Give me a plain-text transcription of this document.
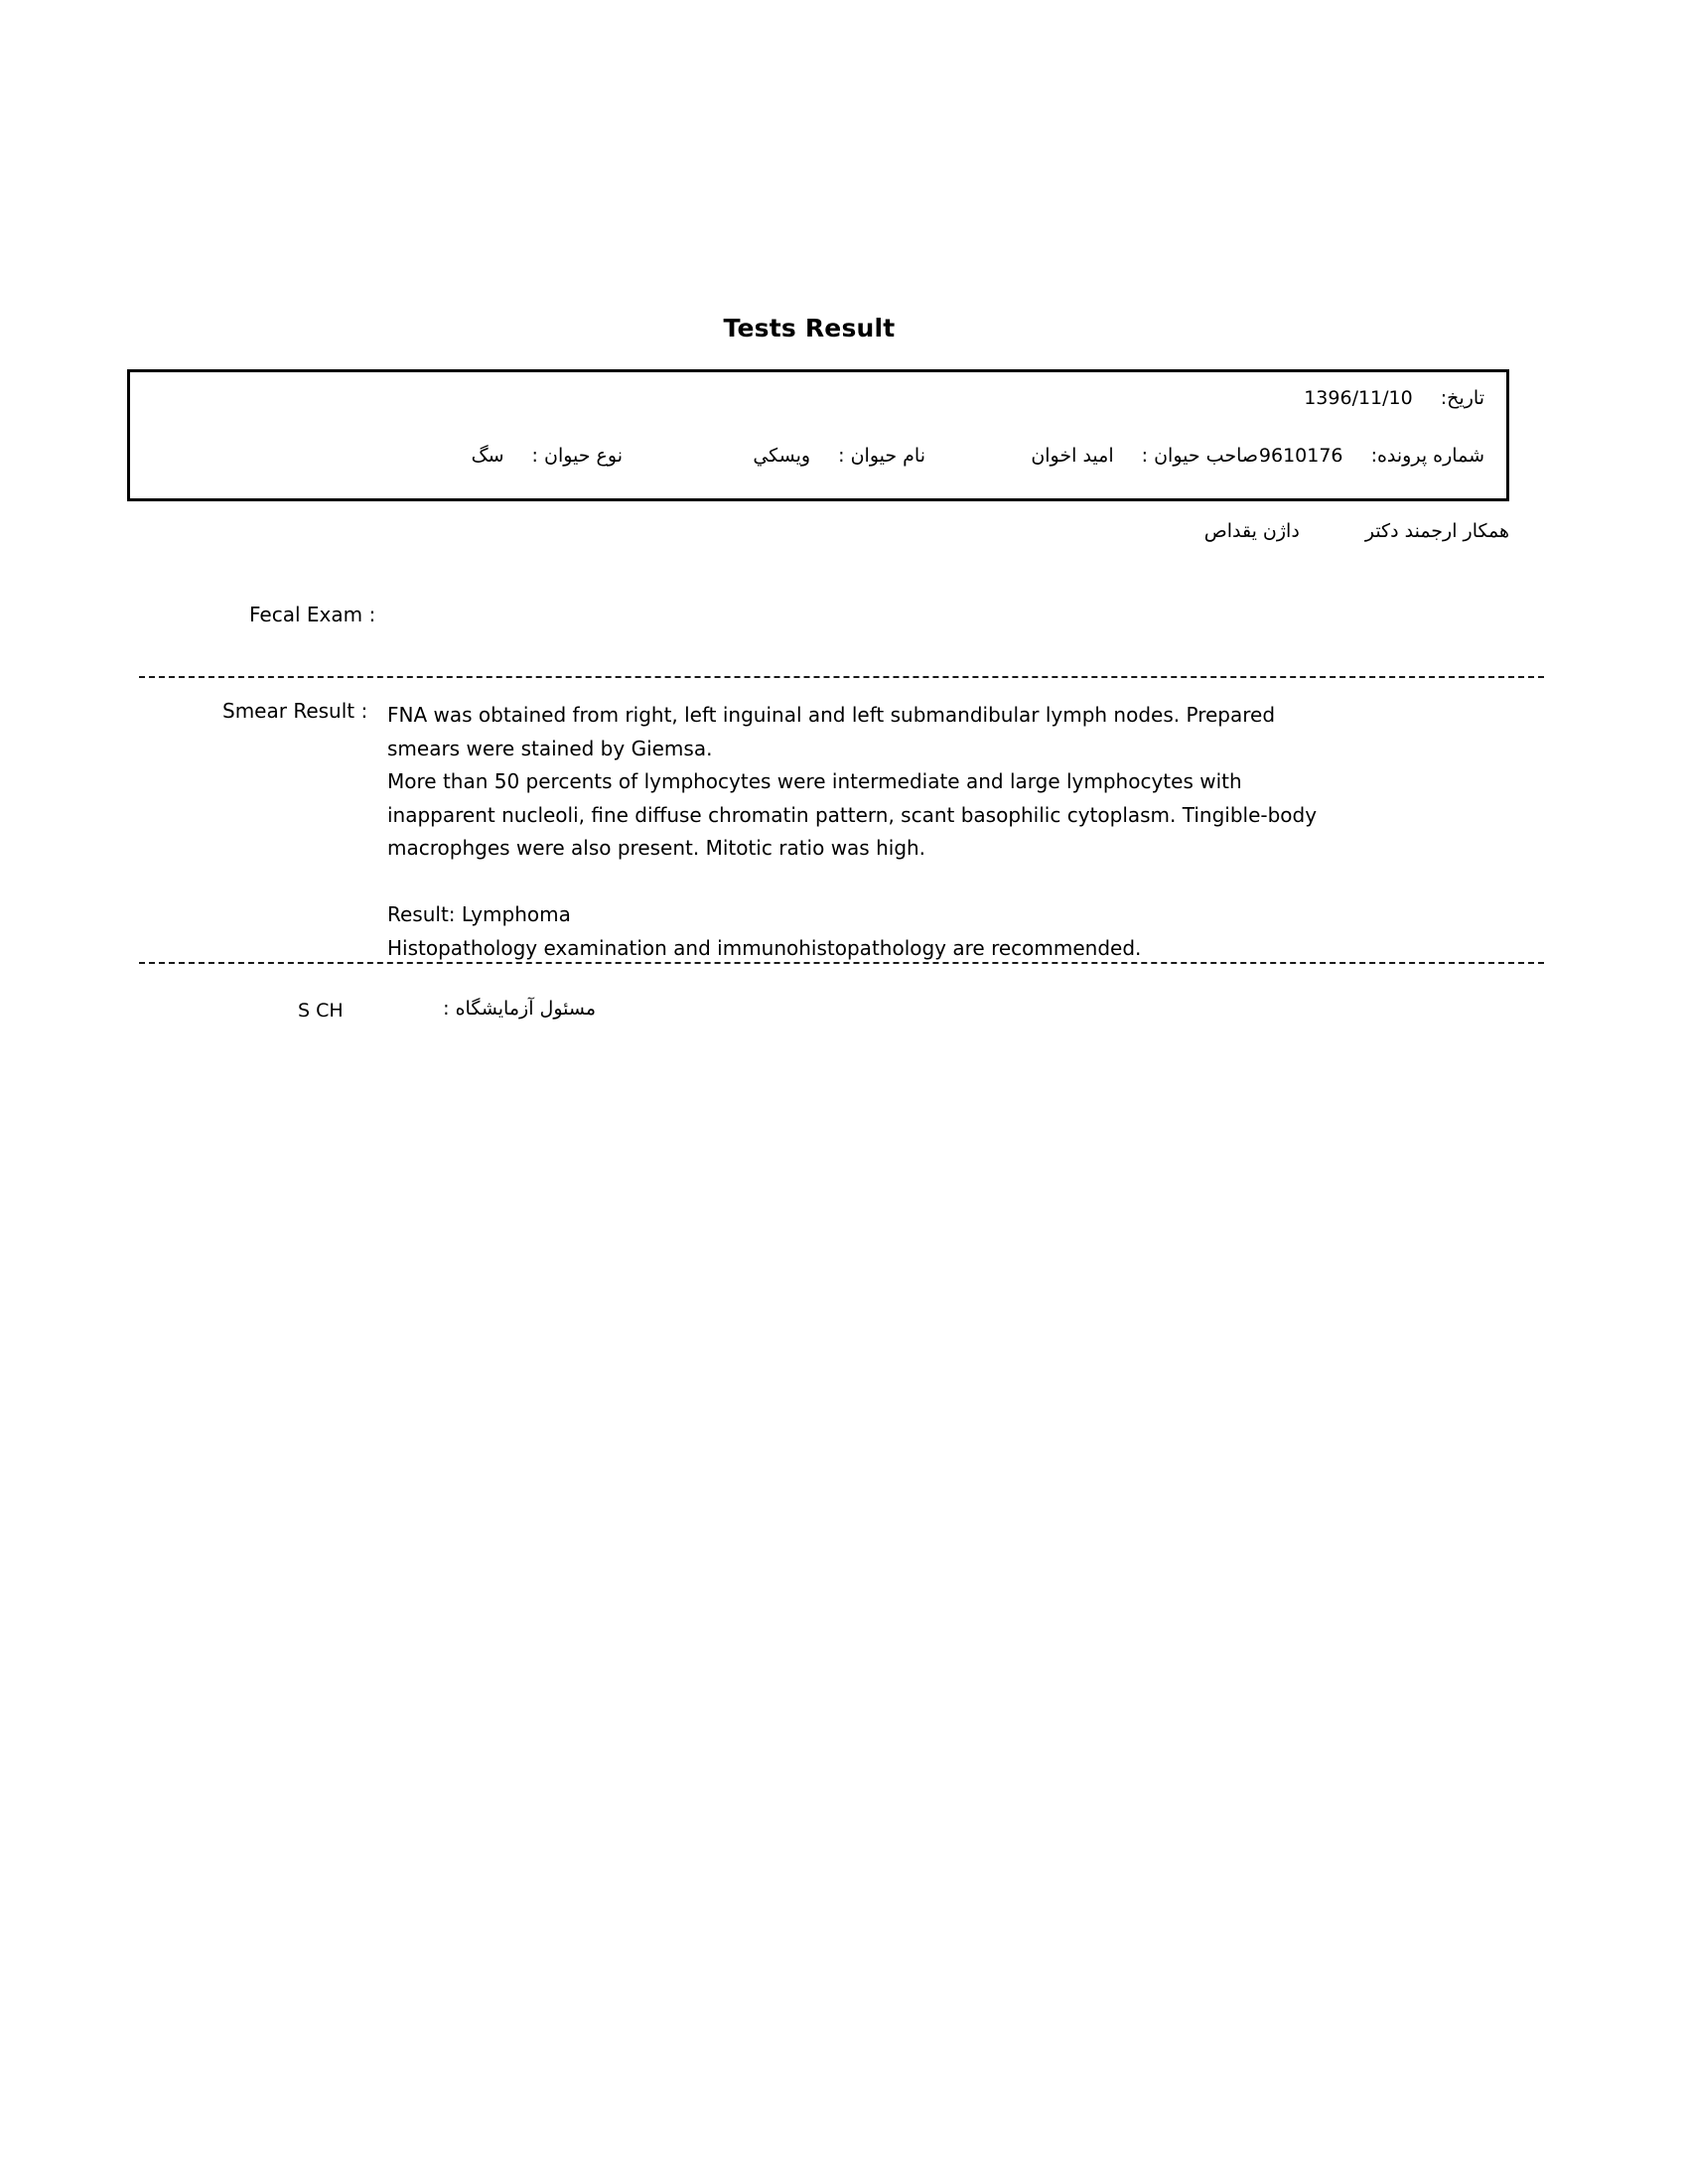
Tests Result
تاریخ: 1396/11/10
شماره پرونده: 9610176
صاحب حیوان : امید اخوان
نام حیوان : ویسکي
نوع حیوان : سگ
همکار ارجمند دکتر داژن یقداص
Fecal Exam :
Smear Result : FNA was obtained from right, left inguinal and left submandibular lymph nodes. Prepared
smears were stained by Giemsa.
More than 50 percents of lymphocytes were intermediate and large lymphocytes with
inapparent nucleoli, fine diffuse chromatin pattern, scant basophilic cytoplasm. Tingible-body
macrophges were also present. Mitotic ratio was high.
Result: Lymphoma
Histopathology examination and immunohistopathology are recommended.
مسئول آزمایشگاه :
S CH
